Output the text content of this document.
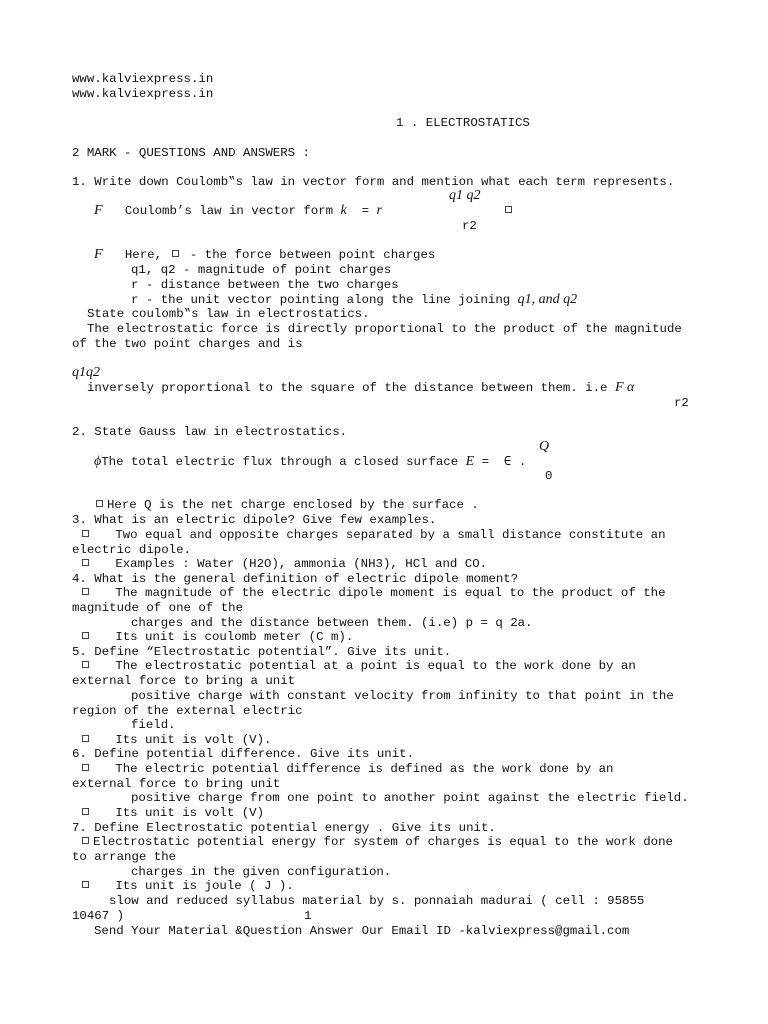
www.kalviexpress.in
www.kalviexpress.in
1 . ELECTROSTATICS
2 MARK - QUESTIONS AND ANSWERS :
1. Write down Coulomb‟s law in vector form and mention what each term represents.
q1 q2
F Coulomb’s law in vector form k = r
r2
F Here,  - the force between point charges
q1, q2 - magnitude of point charges
r - distance between the two charges
r - the unit vector pointing along the line joining q1, and q2
State coulomb‟s law in electrostatics.
The electrostatic force is directly proportional to the product of the magnitude
of the two point charges and is
q1q2
inversely proportional to the square of the distance between them. i.e F α
r2
2. State Gauss law in electrostatics.
Q
ϕThe total electric flux through a closed surface E = ∈ .
0
Here Q is the net charge enclosed by the surface .
3. What is an electric dipole? Give few examples.
Two equal and opposite charges separated by a small distance constitute an
electric dipole.
Examples : Water (H2O), ammonia (NH3), HCl and CO.
4. What is the general definition of electric dipole moment?
The magnitude of the electric dipole moment is equal to the product of the
magnitude of one of the
charges and the distance between them. (i.e) p = q 2a.
Its unit is coulomb meter (C m).
5. Define “Electrostatic potential”. Give its unit.
The electrostatic potential at a point is equal to the work done by an
external force to bring a unit
positive charge with constant velocity from infinity to that point in the
region of the external electric
field.
Its unit is volt (V).
6. Define potential difference. Give its unit.
The electric potential difference is defined as the work done by an
external force to bring unit
positive charge from one point to another point against the electric field.
Its unit is volt (V)
7. Define Electrostatic potential energy . Give its unit.
Electrostatic potential energy for system of charges is equal to the work done
to arrange the
charges in the given configuration.
Its unit is joule ( J ).
slow and reduced syllabus material by s. ponnaiah madurai ( cell : 95855
10467 )	1
Send Your Material &Question Answer Our Email ID -kalviexpress@gmail.com
